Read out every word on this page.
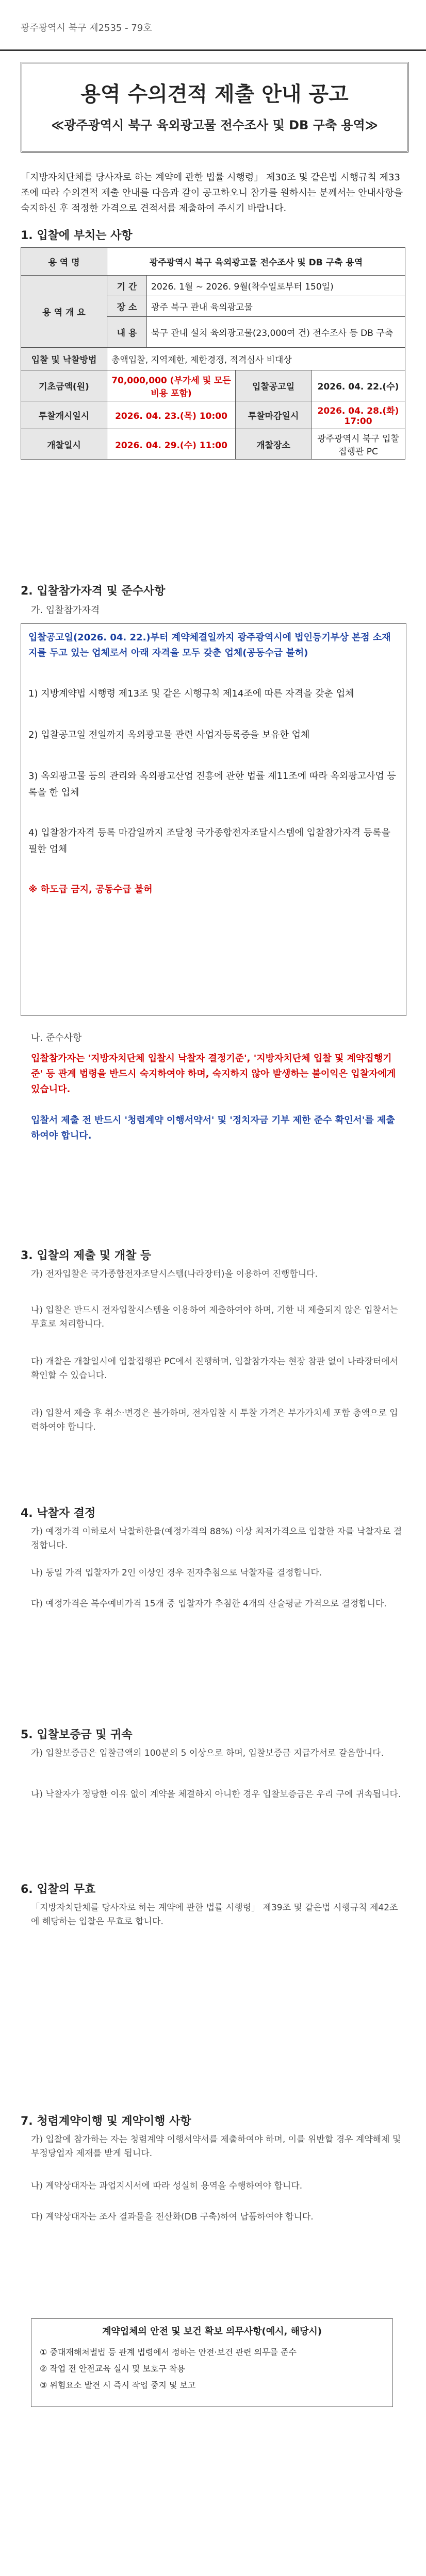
광주광역시 북구 제2535 - 79호
용역 수의견적 제출 안내 공고
≪광주광역시 북구 육외광고물 전수조사 및 DB 구축 용역≫
「지방자치단체를 당사자로 하는 계약에 관한 법률 시행령」 제30조 및 같은법 시행규칙 제33조에 따라 수의견적 제출 안내를 다음과 같이 공고하오니 참가를 원하시는 분께서는 안내사항을 숙지하신 후 적정한 가격으로 견적서를 제출하여 주시기 바랍니다.
1. 입찰에 부치는 사항
용 역 명	광주광역시 북구 육외광고물 전수조사 및 DB 구축 용역			
용 역 개 요	기 간	2026. 1월 ~ 2026. 9월(착수일로부터 150일)		
	장 소	광주 북구 관내 육외광고물		
	내 용	북구 관내 설치 육외광고물(23,000여 건) 전수조사 등 DB 구축		
입찰 및 낙찰방법	총액입찰, 지역제한, 제한경쟁, 적격심사 비대상			
기초금액(원)	70,000,000 (부가세 및 모든비용 포함)		입찰공고일	2026. 04. 22.(수)
투찰개시일시	2026. 04. 23.(목) 10:00		투찰마감일시	2026. 04. 28.(화) 17:00
개찰일시	2026. 04. 29.(수) 11:00		개찰장소	광주광역시 북구 입찰집행관 PC
2. 입찰참가자격 및 준수사항
가. 입찰참가자격
입찰공고일(2026. 04. 22.)부터 계약체결일까지 광주광역시에 법인등기부상 본점 소재지를 두고 있는 업체로서 아래 자격을 모두 갖춘 업체(공동수급 불허)
1) 지방계약법 시행령 제13조 및 같은 시행규칙 제14조에 따른 자격을 갖춘 업체
2) 입찰공고일 전일까지 옥외광고물 관련 사업자등록증을 보유한 업체
3) 옥외광고물 등의 관리와 옥외광고산업 진흥에 관한 법률 제11조에 따라 옥외광고사업 등록을 한 업체
4) 입찰참가자격 등록 마감일까지 조달청 국가종합전자조달시스템에 입찰참가자격 등록을 필한 업체
※ 하도급 금지, 공동수급 불허
나. 준수사항
입찰참가자는 '지방자치단체 입찰시 낙찰자 결정기준', '지방자치단체 입찰 및 계약집행기준' 등 관계 법령을 반드시 숙지하여야 하며, 숙지하지 않아 발생하는 불이익은 입찰자에게 있습니다.
입찰서 제출 전 반드시 '청렴계약 이행서약서' 및 '정치자금 기부 제한 준수 확인서'를 제출하여야 합니다.
3. 입찰의 제출 및 개찰 등
가) 전자입찰은 국가종합전자조달시스템(나라장터)을 이용하여 진행합니다.
나) 입찰은 반드시 전자입찰시스템을 이용하여 제출하여야 하며, 기한 내 제출되지 않은 입찰서는 무효로 처리합니다.
다) 개찰은 개찰일시에 입찰집행관 PC에서 진행하며, 입찰참가자는 현장 참관 없이 나라장터에서 확인할 수 있습니다.
라) 입찰서 제출 후 취소·변경은 불가하며, 전자입찰 시 투찰 가격은 부가가치세 포함 총액으로 입력하여야 합니다.
4. 낙찰자 결정
가) 예정가격 이하로서 낙찰하한율(예정가격의 88%) 이상 최저가격으로 입찰한 자를 낙찰자로 결정합니다.
나) 동일 가격 입찰자가 2인 이상인 경우 전자추첨으로 낙찰자를 결정합니다.
다) 예정가격은 복수예비가격 15개 중 입찰자가 추첨한 4개의 산술평균 가격으로 결정합니다.
5. 입찰보증금 및 귀속
가) 입찰보증금은 입찰금액의 100분의 5 이상으로 하며, 입찰보증금 지급각서로 갈음합니다.
나) 낙찰자가 정당한 이유 없이 계약을 체결하지 아니한 경우 입찰보증금은 우리 구에 귀속됩니다.
6. 입찰의 무효
「지방자치단체를 당사자로 하는 계약에 관한 법률 시행령」 제39조 및 같은법 시행규칙 제42조에 해당하는 입찰은 무효로 합니다.
7. 청렴계약이행 및 계약이행 사항
가) 입찰에 참가하는 자는 청렴계약 이행서약서를 제출하여야 하며, 이를 위반할 경우 계약해제 및 부정당업자 제재를 받게 됩니다.
나) 계약상대자는 과업지시서에 따라 성실히 용역을 수행하여야 합니다.
다) 계약상대자는 조사 결과물을 전산화(DB 구축)하여 납품하여야 합니다.
계약업체의 안전 및 보건 확보 의무사항(예시, 해당시)
① 중대재해처벌법 등 관계 법령에서 정하는 안전·보건 관련 의무를 준수
② 작업 전 안전교육 실시 및 보호구 착용
③ 위험요소 발견 시 즉시 작업 중지 및 보고
